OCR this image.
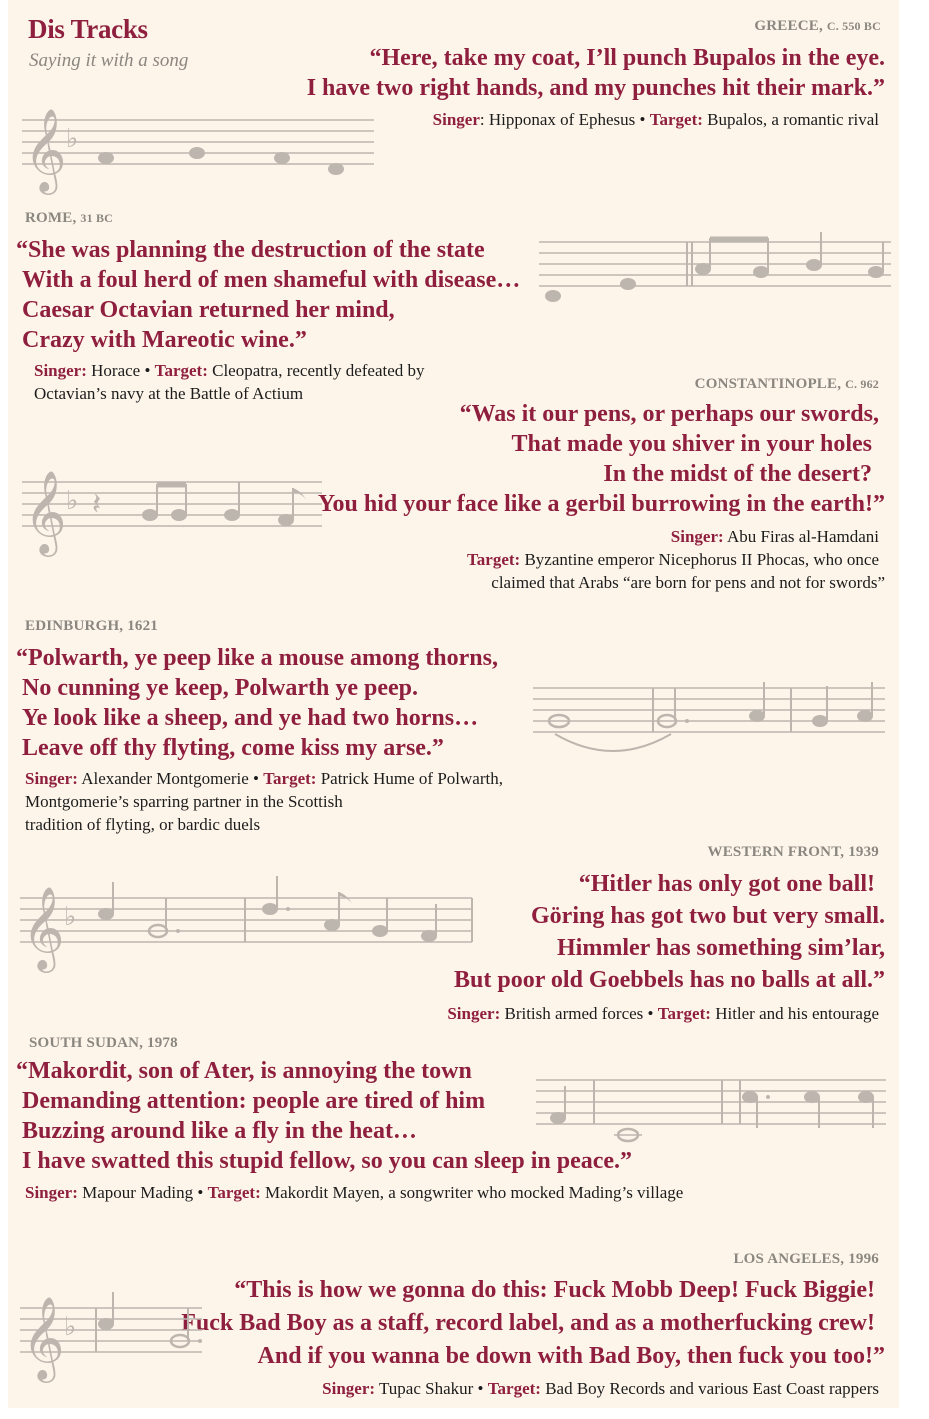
Dis Tracks
Saying it with a song
GREECE, C. 550 BC
“Here, take my coat, I’ll punch Bupalos in the eye.
I have two right hands, and my punches hit their mark.”
Singer: Hipponax of Ephesus • Target: Bupalos, a romantic rival
𝄞 ♭
ROME, 31 BC
“She was planning the destruction of the state
With a foul herd of men shameful with disease…
Caesar Octavian returned her mind,
Crazy with Mareotic wine.”
Singer: Horace • Target: Cleopatra, recently defeated by
Octavian’s navy at the Battle of Actium	CONSTANTINOPLE, C. 962
“Was it our pens, or perhaps our swords,
That made you shiver in your holes
In the midst of the desert?
You hid your face like a gerbil burrowing in the earth!”
Singer: Abu Firas al-Hamdani
Target: Byzantine emperor Nicephorus II Phocas, who once
claimed that Arabs “are born for pens and not for swords”
𝄞 ♭ 𝄽
EDINBURGH, 1621
“Polwarth, ye peep like a mouse among thorns,
No cunning ye keep, Polwarth ye peep.
Ye look like a sheep, and ye had two horns…
Leave off thy flyting, come kiss my arse.”
Singer: Alexander Montgomerie • Target: Patrick Hume of Polwarth,
Montgomerie’s sparring partner in the Scottish
tradition of flyting, or bardic duels
WESTERN FRONT, 1939
“Hitler has only got one ball!
Göring has got two but very small.
Himmler has something sim’lar,
But poor old Goebbels has no balls at all.”
Singer: British armed forces • Target: Hitler and his entourage
𝄞 ♭
SOUTH SUDAN, 1978
“Makordit, son of Ater, is annoying the town
Demanding attention: people are tired of him
Buzzing around like a fly in the heat…
I have swatted this stupid fellow, so you can sleep in peace.”
Singer: Mapour Mading • Target: Makordit Mayen, a songwriter who mocked Mading’s village
LOS ANGELES, 1996
“This is how we gonna do this: Fuck Mobb Deep! Fuck Biggie!
Fuck Bad Boy as a staff, record label, and as a motherfucking crew!
And if you wanna be down with Bad Boy, then fuck you too!”
Singer: Tupac Shakur • Target: Bad Boy Records and various East Coast rappers
𝄞 ♭
